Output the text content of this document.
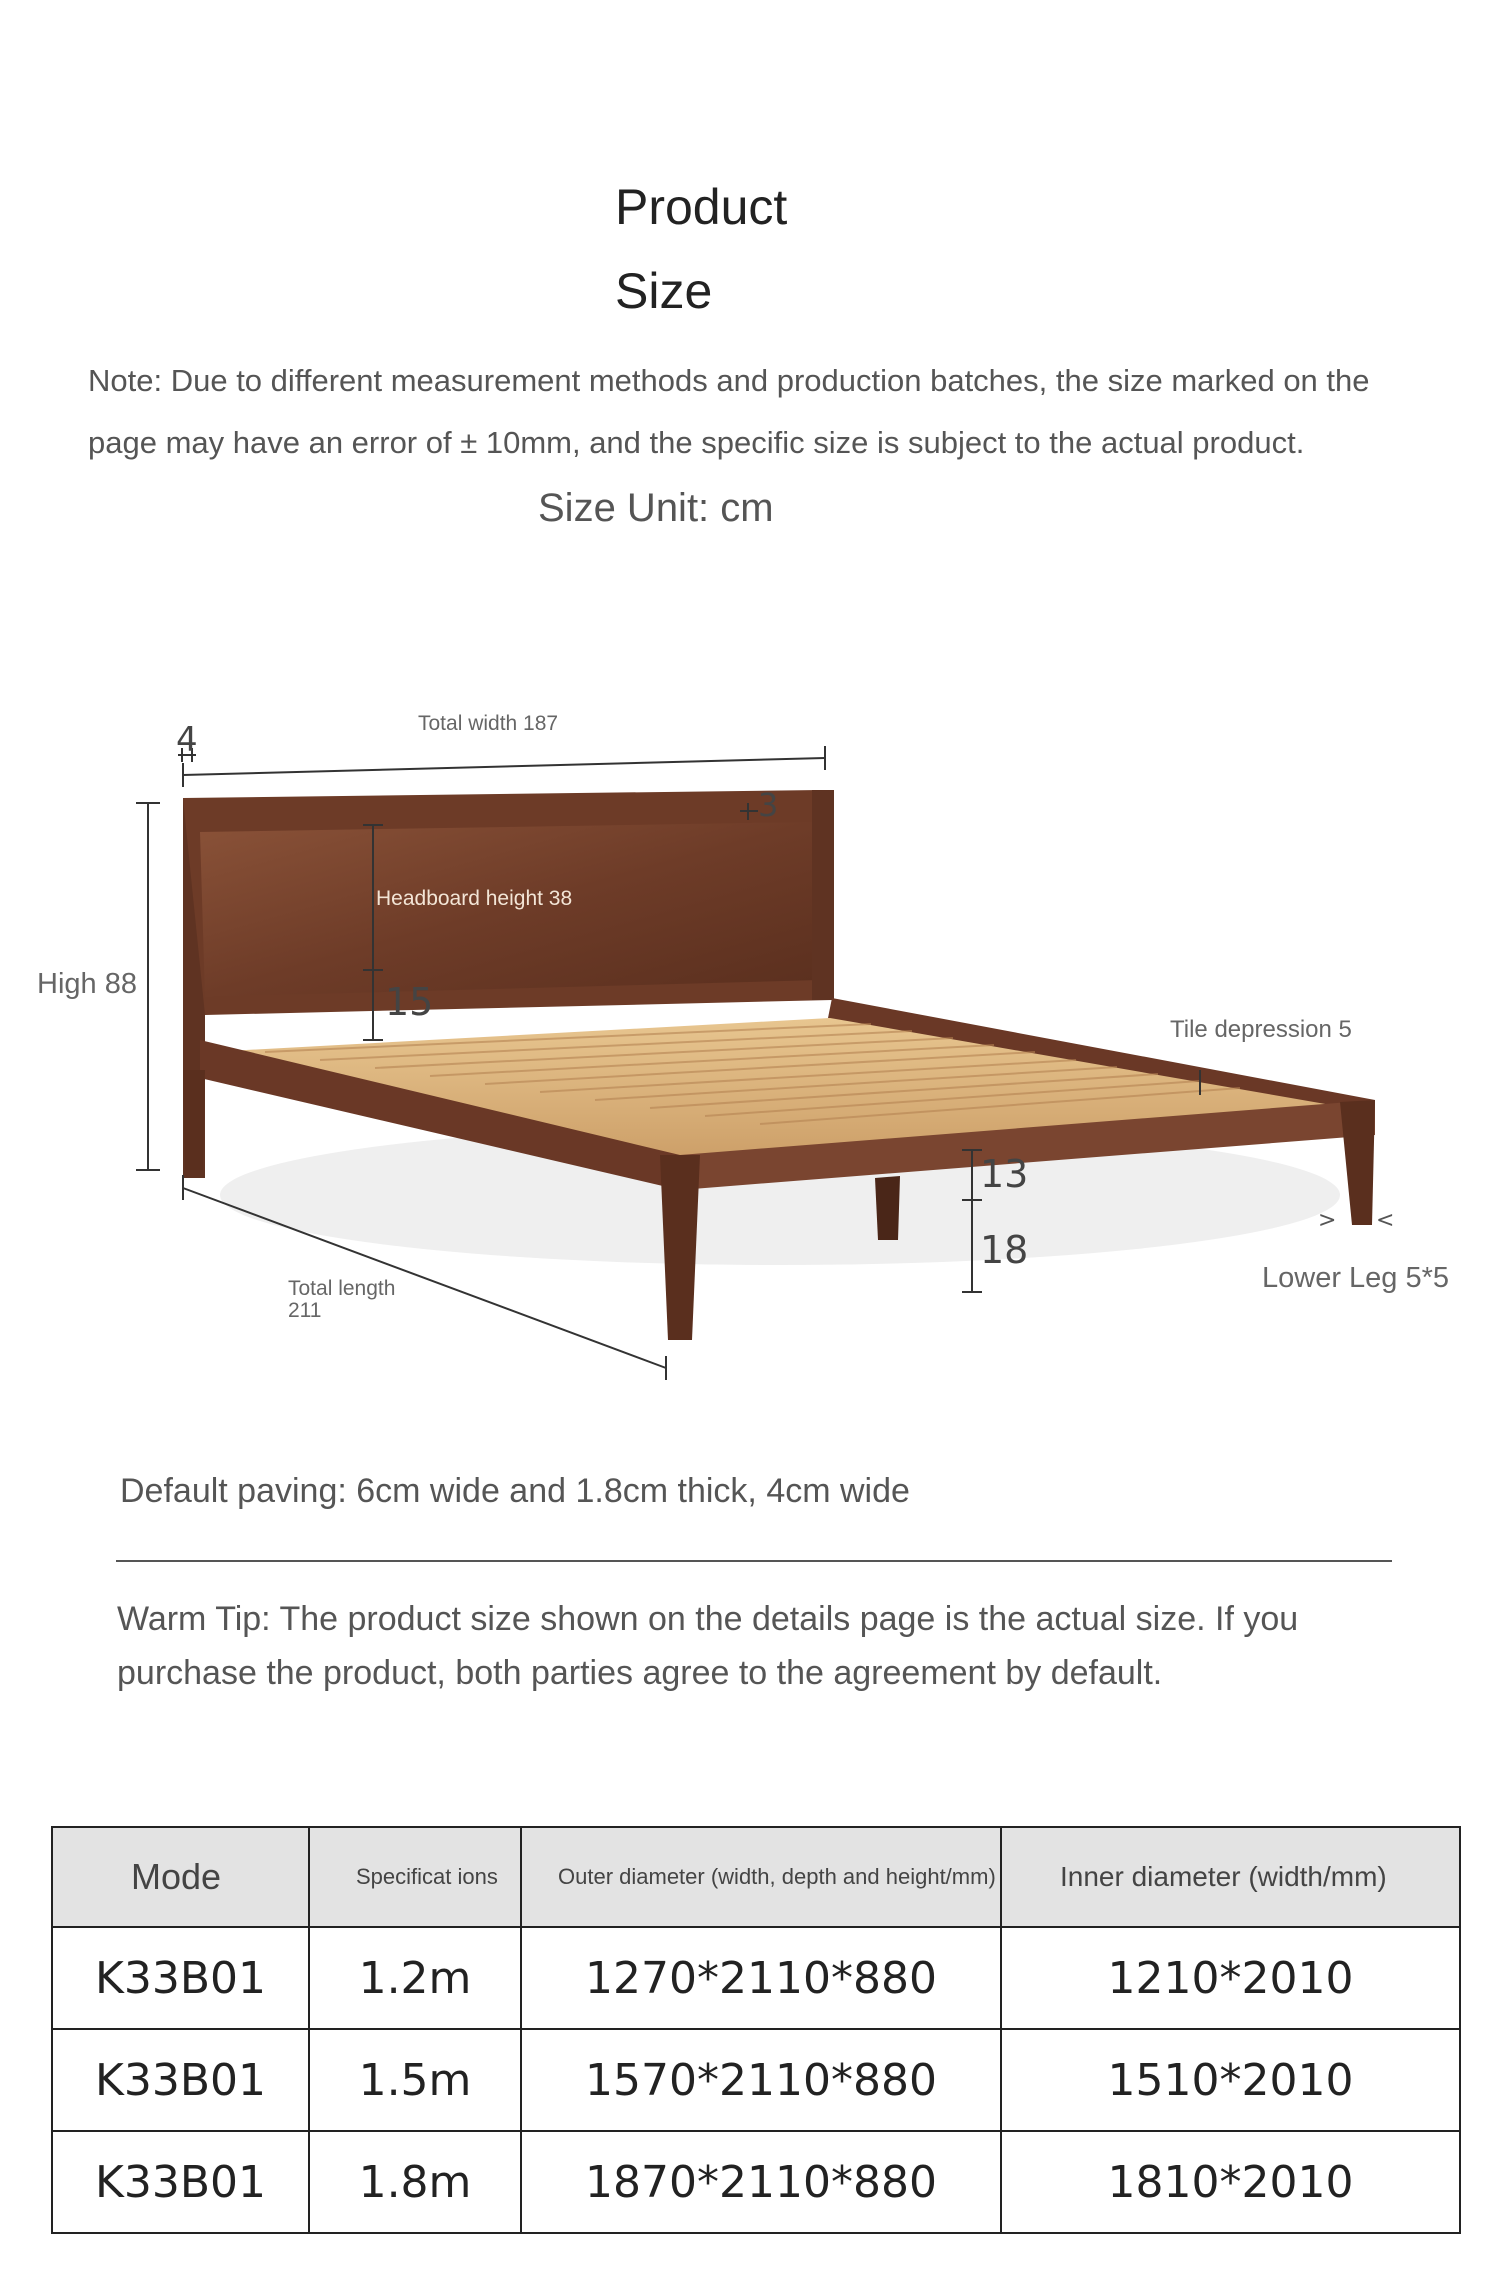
Product
Size
Note: Due to different measurement methods and production batches, the size marked on the page may have an error of ± 10mm, and the specific size is subject to the actual product.
Size Unit: cm
> <
4	Total width 187
3
Headboard height 38
High 88	15
Tile depression 5
13
18
Lower Leg 5*5
Total length
211
Default paving: 6cm wide and 1.8cm thick, 4cm wide
Warm Tip: The product size shown on the details page is the actual size. If you purchase the product, both parties agree to the agreement by default.
Mode	Specificat ions	Outer diameter (width, depth and height/mm)	Inner diameter (width/mm)
K33B01	1.2m	1270*2110*880	1210*2010
K33B01	1.5m	1570*2110*880	1510*2010
K33B01	1.8m	1870*2110*880	1810*2010
